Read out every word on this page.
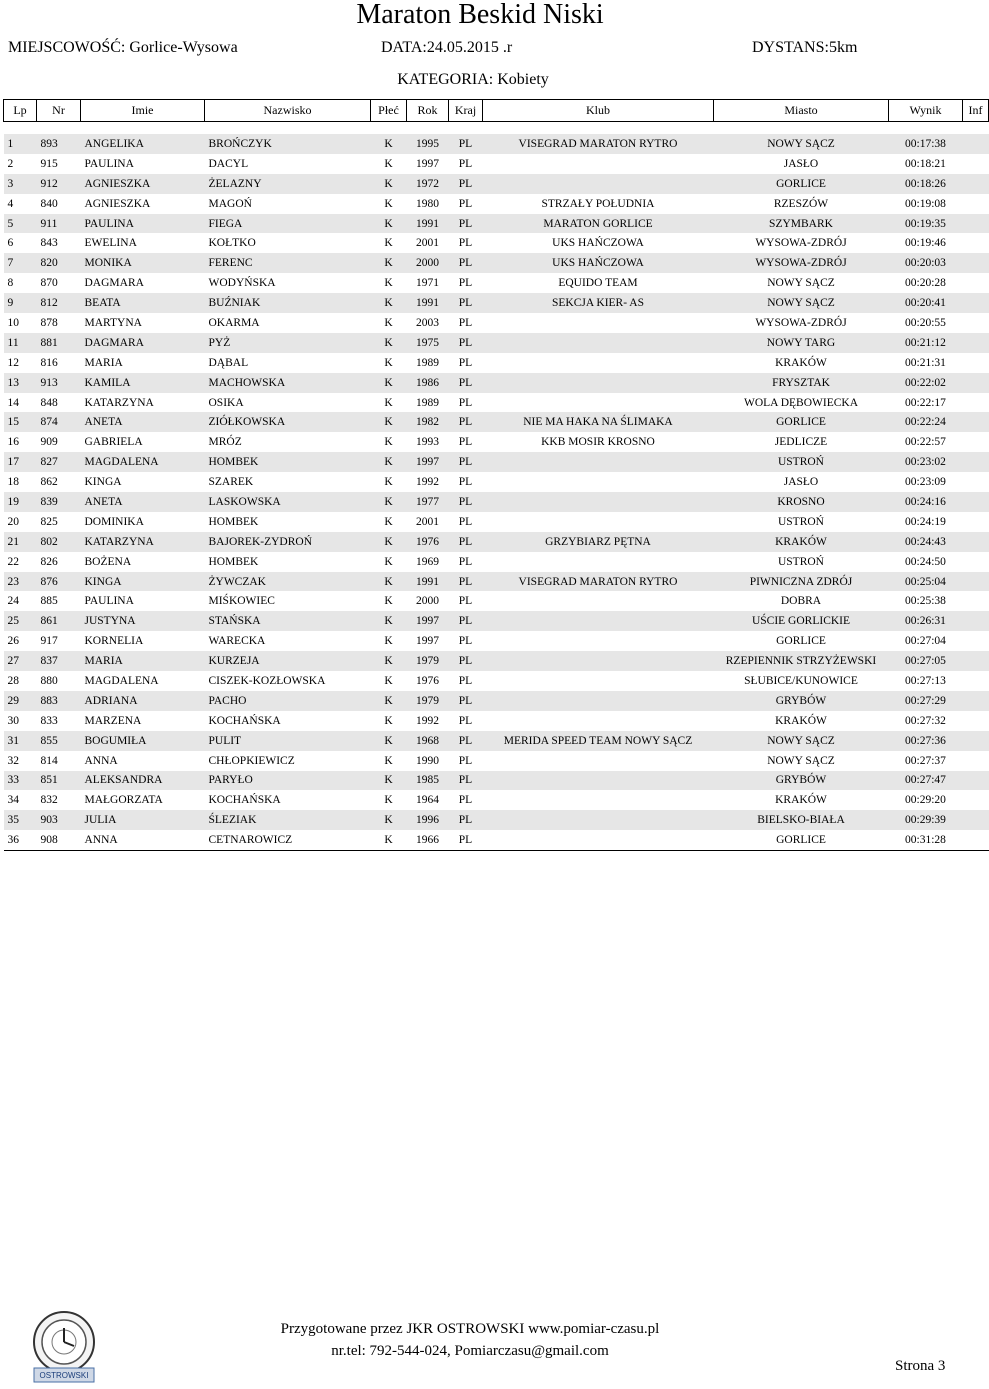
Maraton Beskid Niski
MIEJSCOWOŚĆ: Gorlice-Wysowa	DATA:24.05.2015 .r	DYSTANS:5km
KATEGORIA: Kobiety
Lp	Nr	Imie	Nazwisko	Płeć	Rok	Kraj	Klub	Miasto	Wynik	Inf

1	893	ANGELIKA	BROŃCZYK	K	1995	PL	VISEGRAD MARATON RYTRO	NOWY SĄCZ	00:17:38	
2	915	PAULINA	DACYL	K	1997	PL		JASŁO	00:18:21	
3	912	AGNIESZKA	ŻELAZNY	K	1972	PL		GORLICE	00:18:26	
4	840	AGNIESZKA	MAGOŃ	K	1980	PL	STRZAŁY POŁUDNIA	RZESZÓW	00:19:08	
5	911	PAULINA	FIEGA	K	1991	PL	MARATON GORLICE	SZYMBARK	00:19:35	
6	843	EWELINA	KOŁTKO	K	2001	PL	UKS HAŃCZOWA	WYSOWA-ZDRÓJ	00:19:46	
7	820	MONIKA	FERENC	K	2000	PL	UKS HAŃCZOWA	WYSOWA-ZDRÓJ	00:20:03	
8	870	DAGMARA	WODYŃSKA	K	1971	PL	EQUIDO TEAM	NOWY SĄCZ	00:20:28	
9	812	BEATA	BUŹNIAK	K	1991	PL	SEKCJA KIER- AS	NOWY SĄCZ	00:20:41	
10	878	MARTYNA	OKARMA	K	2003	PL		WYSOWA-ZDRÓJ	00:20:55	
11	881	DAGMARA	PYŻ	K	1975	PL		NOWY TARG	00:21:12	
12	816	MARIA	DĄBAL	K	1989	PL		KRAKÓW	00:21:31	
13	913	KAMILA	MACHOWSKA	K	1986	PL		FRYSZTAK	00:22:02	
14	848	KATARZYNA	OSIKA	K	1989	PL		WOLA DĘBOWIECKA	00:22:17	
15	874	ANETA	ZIÓŁKOWSKA	K	1982	PL	NIE MA HAKA NA ŚLIMAKA	GORLICE	00:22:24	
16	909	GABRIELA	MRÓZ	K	1993	PL	KKB MOSIR KROSNO	JEDLICZE	00:22:57	
17	827	MAGDALENA	HOMBEK	K	1997	PL		USTROŃ	00:23:02	
18	862	KINGA	SZAREK	K	1992	PL		JASŁO	00:23:09	
19	839	ANETA	LASKOWSKA	K	1977	PL		KROSNO	00:24:16	
20	825	DOMINIKA	HOMBEK	K	2001	PL		USTROŃ	00:24:19	
21	802	KATARZYNA	BAJOREK-ZYDROŃ	K	1976	PL	GRZYBIARZ PĘTNA	KRAKÓW	00:24:43	
22	826	BOŻENA	HOMBEK	K	1969	PL		USTROŃ	00:24:50	
23	876	KINGA	ŻYWCZAK	K	1991	PL	VISEGRAD MARATON RYTRO	PIWNICZNA ZDRÓJ	00:25:04	
24	885	PAULINA	MIŚKOWIEC	K	2000	PL		DOBRA	00:25:38	
25	861	JUSTYNA	STAŃSKA	K	1997	PL		UŚCIE GORLICKIE	00:26:31	
26	917	KORNELIA	WARECKA	K	1997	PL		GORLICE	00:27:04	
27	837	MARIA	KURZEJA	K	1979	PL		RZEPIENNIK STRZYŻEWSKI	00:27:05	
28	880	MAGDALENA	CISZEK-KOZŁOWSKA	K	1976	PL		SŁUBICE/KUNOWICE	00:27:13	
29	883	ADRIANA	PACHO	K	1979	PL		GRYBÓW	00:27:29	
30	833	MARZENA	KOCHAŃSKA	K	1992	PL		KRAKÓW	00:27:32	
31	855	BOGUMIŁA	PULIT	K	1968	PL	MERIDA SPEED TEAM NOWY SĄCZ	NOWY SĄCZ	00:27:36	
32	814	ANNA	CHŁOPKIEWICZ	K	1990	PL		NOWY SĄCZ	00:27:37	
33	851	ALEKSANDRA	PARYŁO	K	1985	PL		GRYBÓW	00:27:47	
34	832	MAŁGORZATA	KOCHAŃSKA	K	1964	PL		KRAKÓW	00:29:20	
35	903	JULIA	ŚLEZIAK	K	1996	PL		BIELSKO-BIAŁA	00:29:39	
36	908	ANNA	CETNAROWICZ	K	1966	PL		GORLICE	00:31:28	
OSTROWSKI
Przygotowane przez JKR OSTROWSKI www.pomiar-czasu.pl
nr.tel: 792-544-024, Pomiarczasu@gmail.com
Strona 3
